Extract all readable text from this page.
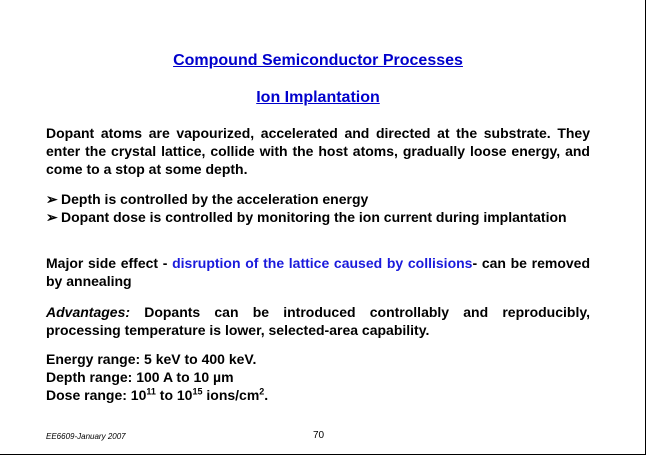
Compound Semiconductor Processes
Ion Implantation
Dopant atoms are vapourized, accelerated and directed at the substrate. They enter the crystal lattice, collide with the host atoms, gradually loose energy, and come to a stop at some depth.
➢ Depth is controlled by the acceleration energy
➢ Dopant dose is controlled by monitoring the ion current during implantation
Major side effect - disruption of the lattice caused by collisions- can be removed by annealing
Advantages: Dopants can be introduced controllably and reproducibly, processing temperature is lower, selected-area capability.
Energy range: 5 keV to 400 keV.
Depth range: 100 A to 10 µm
Dose range: $10^{11}$ to $10^{15}$ ions/$cm^2$.
EE6609-January 2007	70
